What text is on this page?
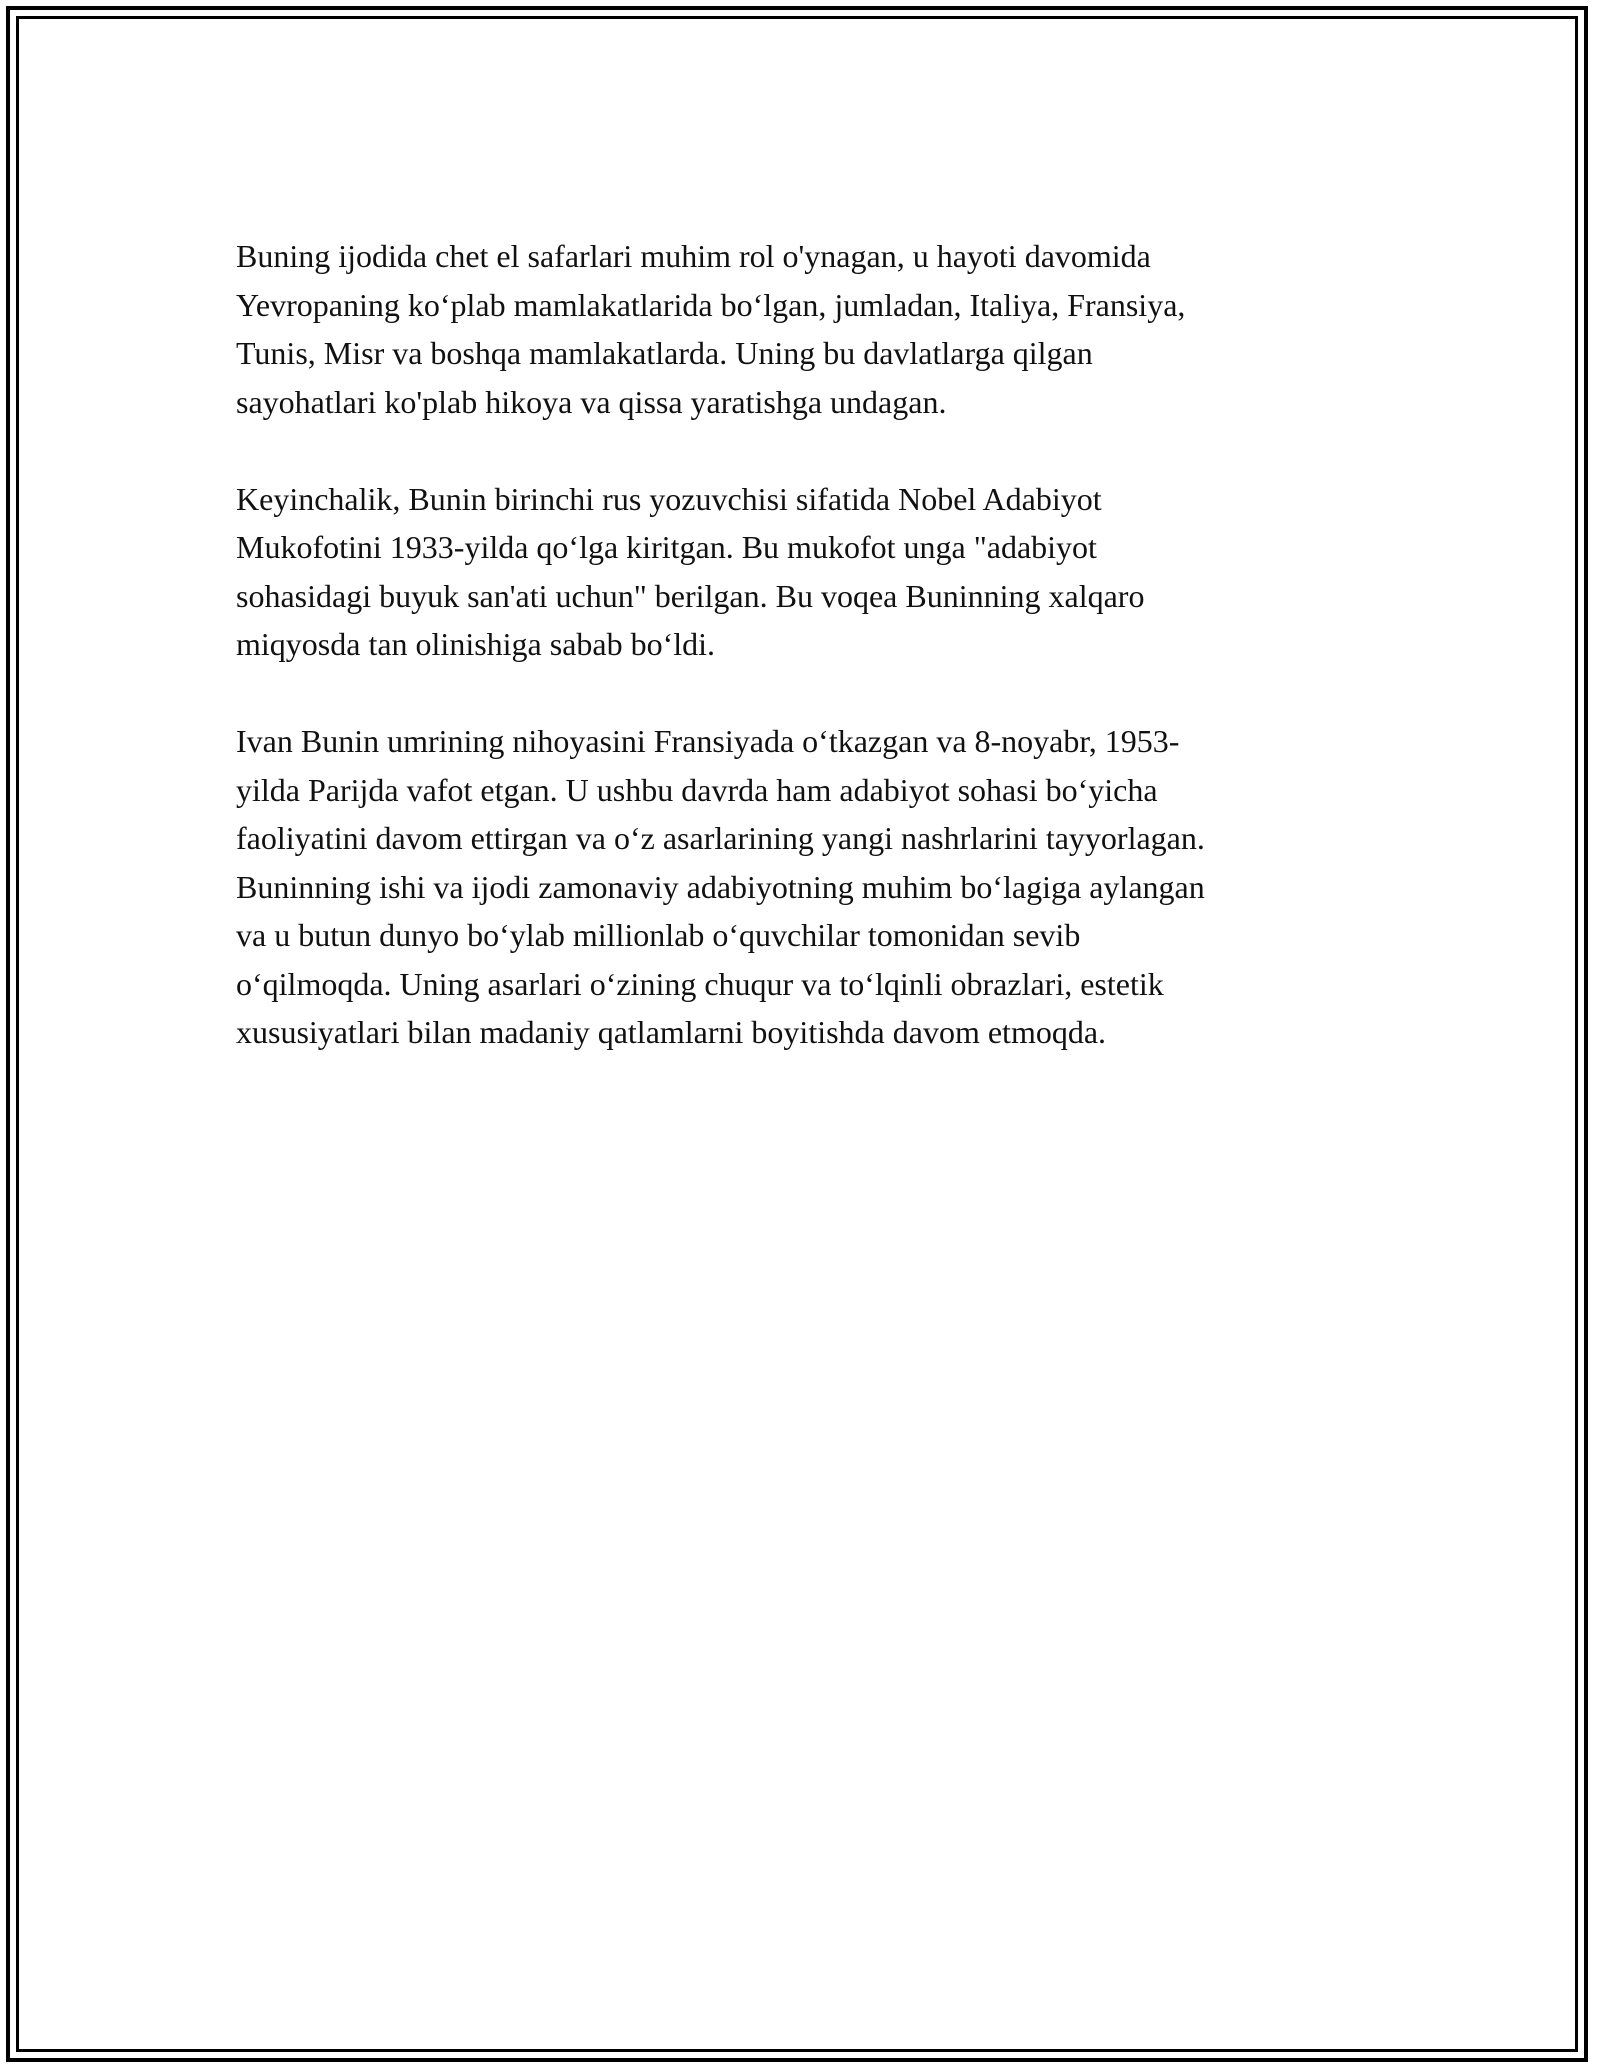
Buning ijodida chet el safarlari muhim rol o'ynagan, u hayoti davomida
Yevropaning ko‘plab mamlakatlarida bo‘lgan, jumladan, Italiya, Fransiya,
Tunis, Misr va boshqa mamlakatlarda. Uning bu davlatlarga qilgan
sayohatlari ko'plab hikoya va qissa yaratishga undagan.

Keyinchalik, Bunin birinchi rus yozuvchisi sifatida Nobel Adabiyot
Mukofotini 1933-yilda qo‘lga kiritgan. Bu mukofot unga "adabiyot
sohasidagi buyuk san'ati uchun" berilgan. Bu voqea Buninning xalqaro
miqyosda tan olinishiga sabab bo‘ldi.

Ivan Bunin umrining nihoyasini Fransiyada o‘tkazgan va 8-noyabr, 1953-
yilda Parijda vafot etgan. U ushbu davrda ham adabiyot sohasi bo‘yicha
faoliyatini davom ettirgan va o‘z asarlarining yangi nashrlarini tayyorlagan.
Buninning ishi va ijodi zamonaviy adabiyotning muhim bo‘lagiga aylangan
va u butun dunyo bo‘ylab millionlab o‘quvchilar tomonidan sevib
o‘qilmoqda. Uning asarlari o‘zining chuqur va to‘lqinli obrazlari, estetik
xususiyatlari bilan madaniy qatlamlarni boyitishda davom etmoqda.
